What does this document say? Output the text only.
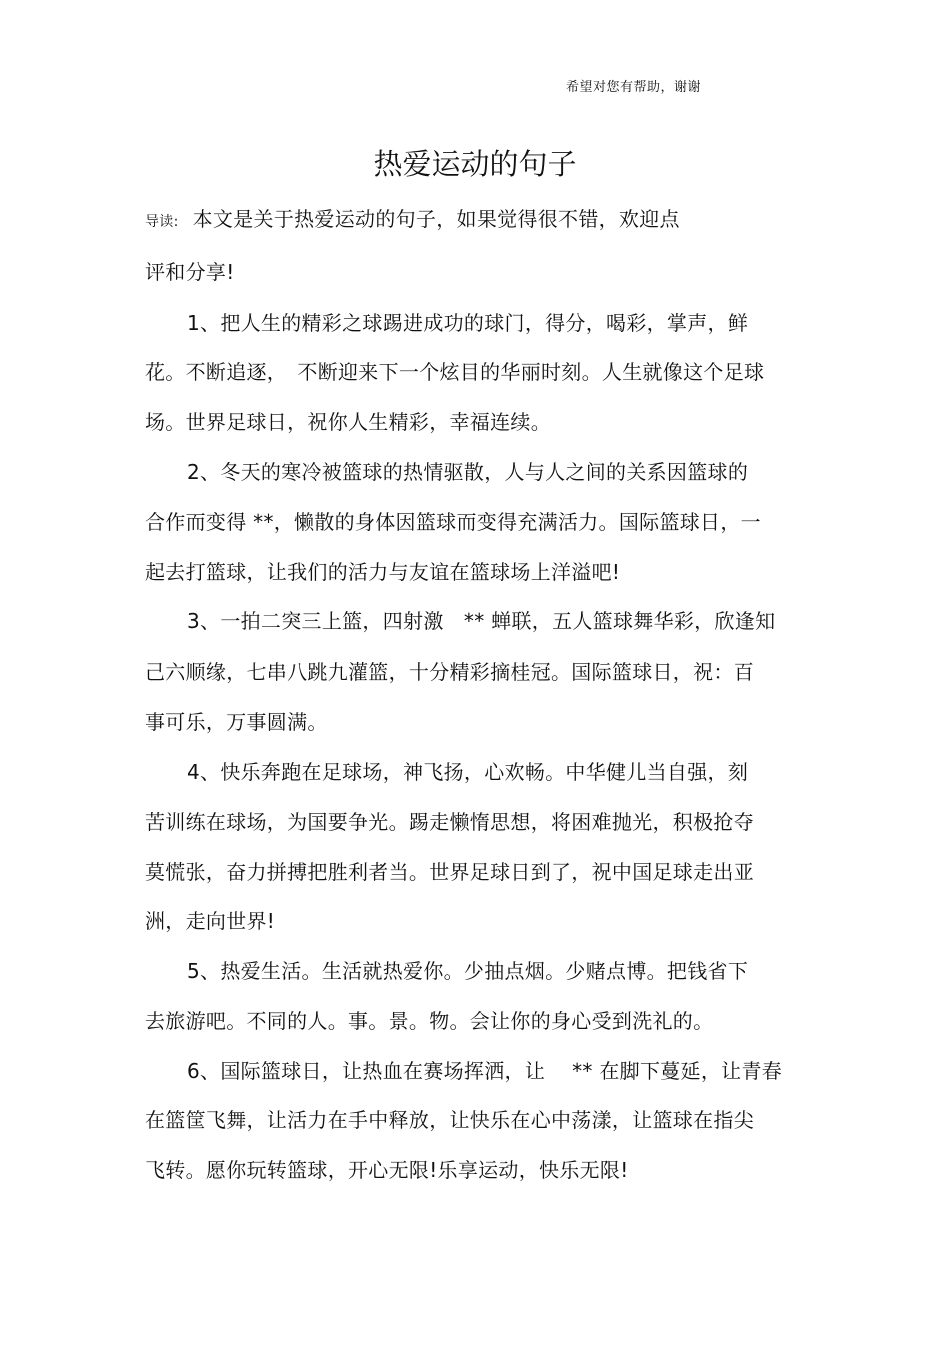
希望对您有帮助，谢谢
热爱运动的句子
导读: 本文是关于热爱运动的句子，如果觉得很不错，欢迎点
评和分享!
1、把人生的精彩之球踢进成功的球门，得分，喝彩，掌声，鲜
花。不断追逐，　不断迎来下一个炫目的华丽时刻。人生就像这个足球
场。世界足球日，祝你人生精彩，幸福连续。
2、冬天的寒冷被篮球的热情驱散，人与人之间的关系因篮球的
合作而变得 **，懒散的身体因篮球而变得充满活力。国际篮球日，一
起去打篮球，让我们的活力与友谊在篮球场上洋溢吧!
3、一拍二突三上篮，四射激　** 蝉联，五人篮球舞华彩，欣逢知
己六顺缘，七串八跳九灌篮，十分精彩摘桂冠。国际篮球日，祝：百
事可乐，万事圆满。
4、快乐奔跑在足球场，神飞扬，心欢畅。中华健儿当自强，刻
苦训练在球场，为国要争光。踢走懒惰思想，将困难抛光，积极抢夺
莫慌张，奋力拼搏把胜利者当。世界足球日到了，祝中国足球走出亚
洲，走向世界!
5、热爱生活。生活就热爱你。少抽点烟。少赌点博。把钱省下
去旅游吧。不同的人。事。景。物。会让你的身心受到洗礼的。
6、国际篮球日，让热血在赛场挥洒，让　 ** 在脚下蔓延，让青春
在篮筐飞舞，让活力在手中释放，让快乐在心中荡漾，让篮球在指尖
飞转。愿你玩转篮球，开心无限!乐享运动，快乐无限!
